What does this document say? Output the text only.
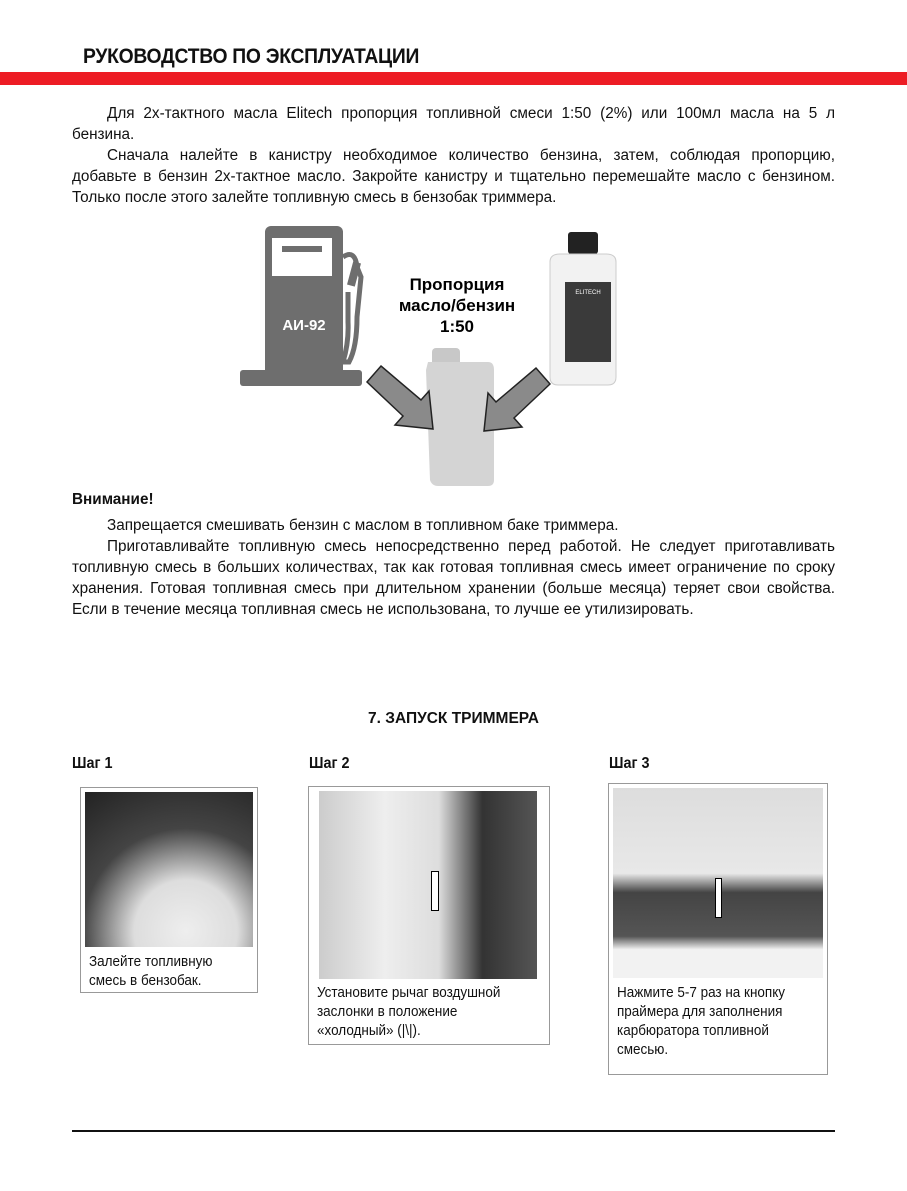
РУКОВОДСТВО ПО ЭКСПЛУАТАЦИИ

Для 2х-тактного масла Elitech пропорция топливной смеси 1:50 (2%) или 100мл масла на 5 л бензина.

Сначала налейте в канистру необходимое количество бензина, затем, соблюдая пропорцию, добавьте в бензин 2х-тактное масло. Закройте канистру и тщательно перемешайте масло с бензином. Только после этого залейте топливную смесь в бензобак триммера.

АИ-92
Пропорция
масло/бензин
1:50
ELITECH
Внимание!

Запрещается смешивать бензин с маслом в топливном баке триммера.

Приготавливайте топливную смесь непосредственно перед работой. Не следует приготавливать топливную смесь в больших количествах, так как готовая топливная смесь имеет ограничение по сроку хранения. Готовая топливная смесь при длительном хранении (больше месяца) теряет свои свойства. Если в течение месяца топливная смесь не использована, то лучше ее утилизировать.

7. ЗАПУСК ТРИММЕРА
Шаг 1	Шаг 2	Шаг 3
Залейте топливную смесь в бензобак.
Установите рычаг воздушной заслонки в положение «холодный» (|\|).
Нажмите 5-7 раз на кнопку праймера для заполнения карбюратора топливной смесью.
